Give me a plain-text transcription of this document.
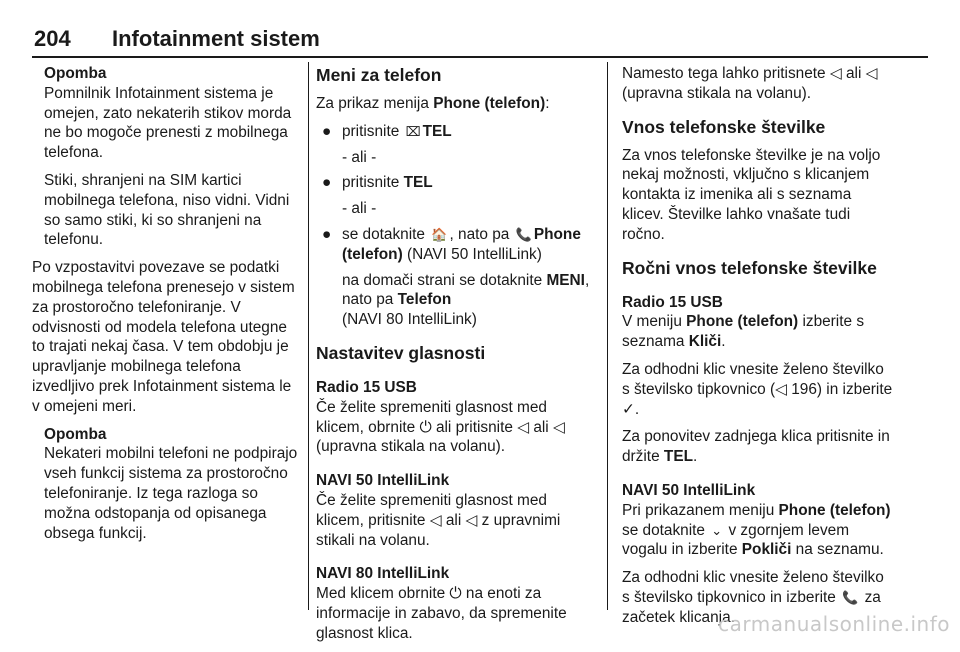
204 Infotainment sistem

Opomba

Pomnilnik Infotainment sistema je omejen, zato nekaterih stikov morda ne bo mogoče prenesti z mobilnega telefona.

Stiki, shranjeni na SIM kartici mobilnega telefona, niso vidni. Vidni so samo stiki, ki so shranjeni na telefonu.

Po vzpostavitvi povezave se podatki mobilnega telefona prenesejo v sistem za prostoročno telefoniranje. V odvisnosti od modela telefona utegne to trajati nekaj časa. V tem obdobju je upravljanje mobilnega telefona izvedljivo prek Infotainment sistema le v omejeni meri.

Opomba

Nekateri mobilni telefoni ne podpirajo vseh funkcij sistema za prostoročno telefoniranje. Iz tega razloga so možna odstopanja od opisanega obsega funkcij.

Meni za telefon

Za prikaz menija Phone (telefon):

● pritisnite ⌧ TEL

- ali -

● pritisnite TEL

- ali -

● se dotaknite 🏠 , nato pa 📞 Phone (telefon) (NAVI 50 IntelliLink)

na domači strani se dotaknite MENI, nato pa Telefon
(NAVI 80 IntelliLink)

Nastavitev glasnosti
Radio 15 USB

Če želite spremeniti glasnost med klicem, obrnite ⏻ ali pritisnite ◁ ali ◁ (upravna stikala na volanu).

NAVI 50 IntelliLink

Če želite spremeniti glasnost med klicem, pritisnite ◁ ali ◁ z upravnimi stikali na volanu.

NAVI 80 IntelliLink

Med klicem obrnite ⏻ na enoti za informacije in zabavo, da spremenite glasnost klica.

Namesto tega lahko pritisnete ◁ ali ◁ (upravna stikala na volanu).

Vnos telefonske številke

Za vnos telefonske številke je na voljo nekaj možnosti, vključno s klicanjem kontakta iz imenika ali s seznama klicev. Številke lahko vnašate tudi ročno.

Ročni vnos telefonske številke
Radio 15 USB

V meniju Phone (telefon) izberite s seznama Kliči.

Za odhodni klic vnesite želeno številko s številsko tipkovnico (◁ 196) in izberite ✓.

Za ponovitev zadnjega klica pritisnite in držite TEL.

NAVI 50 IntelliLink

Pri prikazanem meniju Phone (telefon) se dotaknite ⌄ v zgornjem levem vogalu in izberite Pokliči na seznamu.

Za odhodni klic vnesite želeno številko s številsko tipkovnico in izberite 📞 za začetek klicanja.

carmanualsonline.info
